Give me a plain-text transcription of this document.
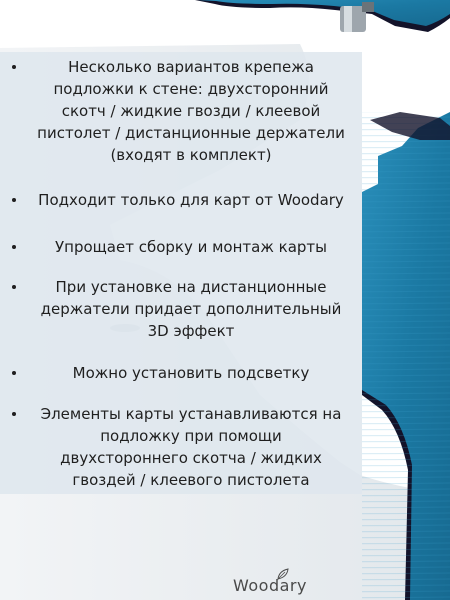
Несколько вариантов крепежа подложки к стене: двухсторонний скотч / жидкие гвозди / клеевой пистолет / дистанционные держатели (входят в комплект)
Подходит только для карт от Woodary
Упрощает сборку и монтаж карты
При установке на дистанционные держатели придает дополнительный 3D эффект
Можно установить подсветку
Элементы карты устанавливаются на подложку при помощи двухстороннего скотча / жидких гвоздей / клеевого пистолета
Woodary
